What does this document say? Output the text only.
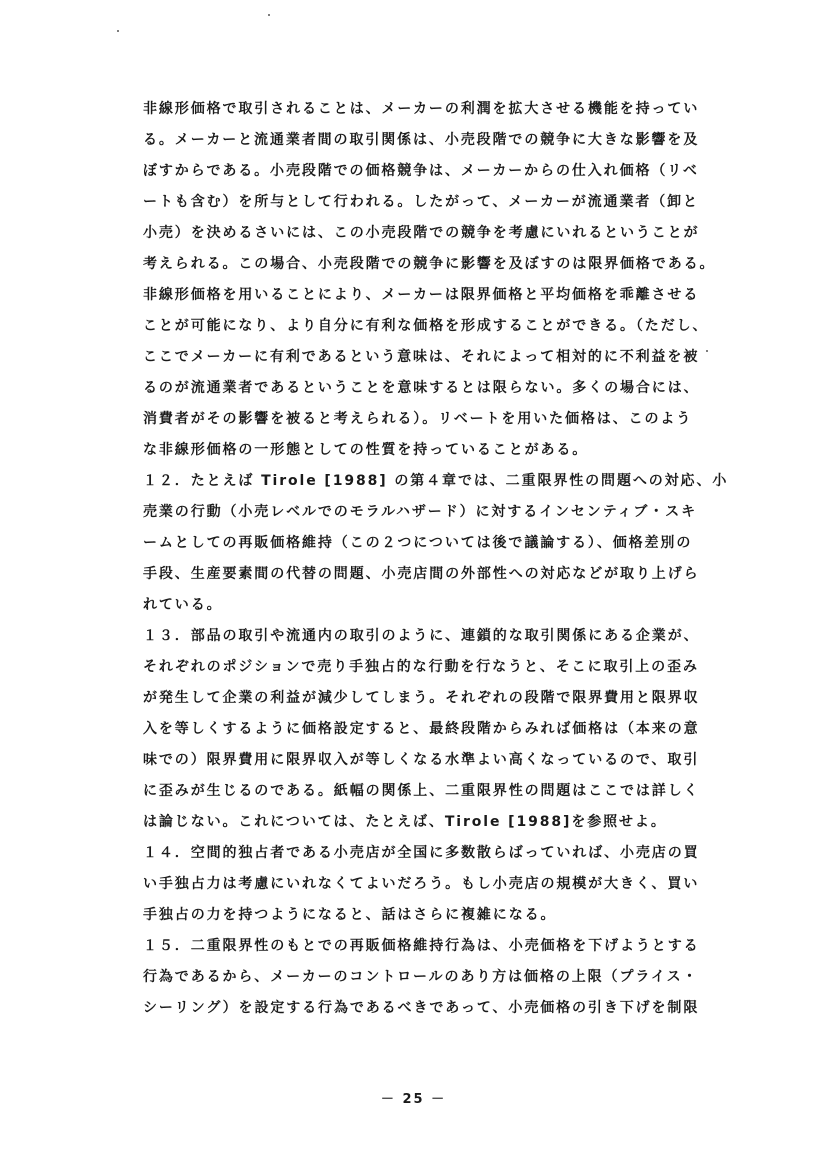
非線形価格で取引されることは、メーカーの利潤を拡大させる機能を持ってい
る。メーカーと流通業者間の取引関係は、小売段階での競争に大きな影響を及
ぼすからである。小売段階での価格競争は、メーカーからの仕入れ価格（リベ
ートも含む）を所与として行われる。したがって、メーカーが流通業者（卸と
小売）を決めるさいには、この小売段階での競争を考慮にいれるということが
考えられる。この場合、小売段階での競争に影響を及ぼすのは限界価格である。
非線形価格を用いることにより、メーカーは限界価格と平均価格を乖離させる
ことが可能になり、より自分に有利な価格を形成することができる。（ただし、
ここでメーカーに有利であるという意味は、それによって相対的に不利益を被
るのが流通業者であるということを意味するとは限らない。多くの場合には、
消費者がその影響を被ると考えられる）。リベートを用いた価格は、このよう
な非線形価格の一形態としての性質を持っていることがある。
１２．たとえば Tirole [1988] の第４章では、二重限界性の問題への対応、小
売業の行動（小売レベルでのモラルハザード）に対するインセンティブ・スキ
ームとしての再販価格維持（この２つについては後で議論する）、価格差別の
手段、生産要素間の代替の問題、小売店間の外部性への対応などが取り上げら
れている。
１３．部品の取引や流通内の取引のように、連鎖的な取引関係にある企業が、
それぞれのポジションで売り手独占的な行動を行なうと、そこに取引上の歪み
が発生して企業の利益が減少してしまう。それぞれの段階で限界費用と限界収
入を等しくするように価格設定すると、最終段階からみれば価格は（本来の意
味での）限界費用に限界収入が等しくなる水準よい高くなっているので、取引
に歪みが生じるのである。紙幅の関係上、二重限界性の問題はここでは詳しく
は論じない。これについては、たとえば、Tirole [1988]を参照せよ。
１４．空間的独占者である小売店が全国に多数散らばっていれば、小売店の買
い手独占力は考慮にいれなくてよいだろう。もし小売店の規模が大きく、買い
手独占の力を持つようになると、話はさらに複雑になる。
１５．二重限界性のもとでの再販価格維持行為は、小売価格を下げようとする
行為であるから、メーカーのコントロールのあり方は価格の上限（プライス・
シーリング）を設定する行為であるべきであって、小売価格の引き下げを制限
－ 25 －
